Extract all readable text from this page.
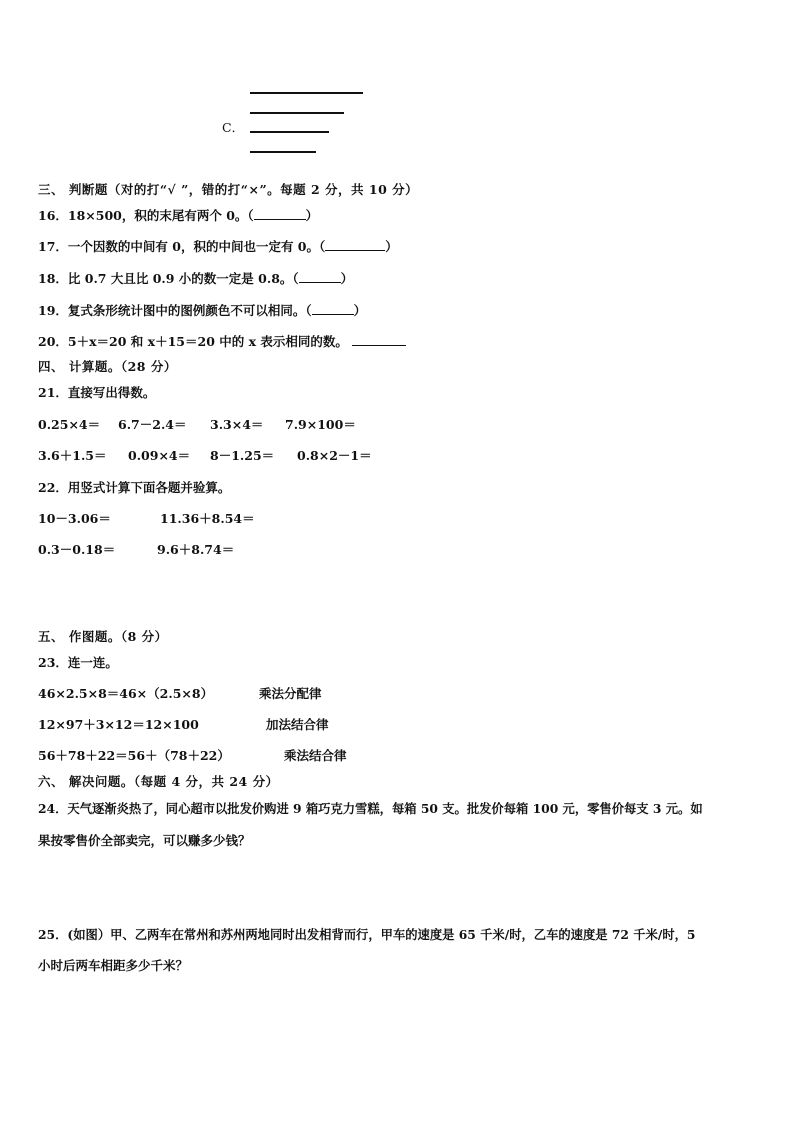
C．
三、 判断题（对的打“√ ”，错的打“×”。每题 2 分，共 10 分）
16．18×500，积的末尾有两个 0。（	）
17．一个因数的中间有 0，积的中间也一定有 0。（	）
18．比 0.7 大且比 0.9 小的数一定是 0.8。（	）
19．复式条形统计图中的图例颜色不可以相同。（	）
20．5＋x＝20 和 x＋15＝20 中的 x 表示相同的数。
四、 计算题。（28 分）
21．直接写出得数。
0.25×4＝ 6.7－2.4＝ 3.3×4＝ 7.9×100＝
3.6＋1.5＝ 0.09×4＝ 8－1.25＝ 0.8×2－1＝
22．用竖式计算下面各题并验算。
10－3.06＝	11.36＋8.54＝
0.3－0.18＝	9.6＋8.74＝
五、 作图题。（8 分）
23．连一连。
46×2.5×8＝46×（2.5×8）	乘法分配律
12×97＋3×12＝12×100	加法结合律
56＋78＋22＝56＋（78＋22）	乘法结合律
六、 解决问题。（每题 4 分，共 24 分）
24．天气逐渐炎热了，同心超市以批发价购进 9 箱巧克力雪糕，每箱 50 支。批发价每箱 100 元，零售价每支 3 元。如
果按零售价全部卖完，可以赚多少钱？
25．(如图）甲、乙两车在常州和苏州两地同时出发相背而行，甲车的速度是 65 千米/时，乙车的速度是 72 千米/时，5
小时后两车相距多少千米？
